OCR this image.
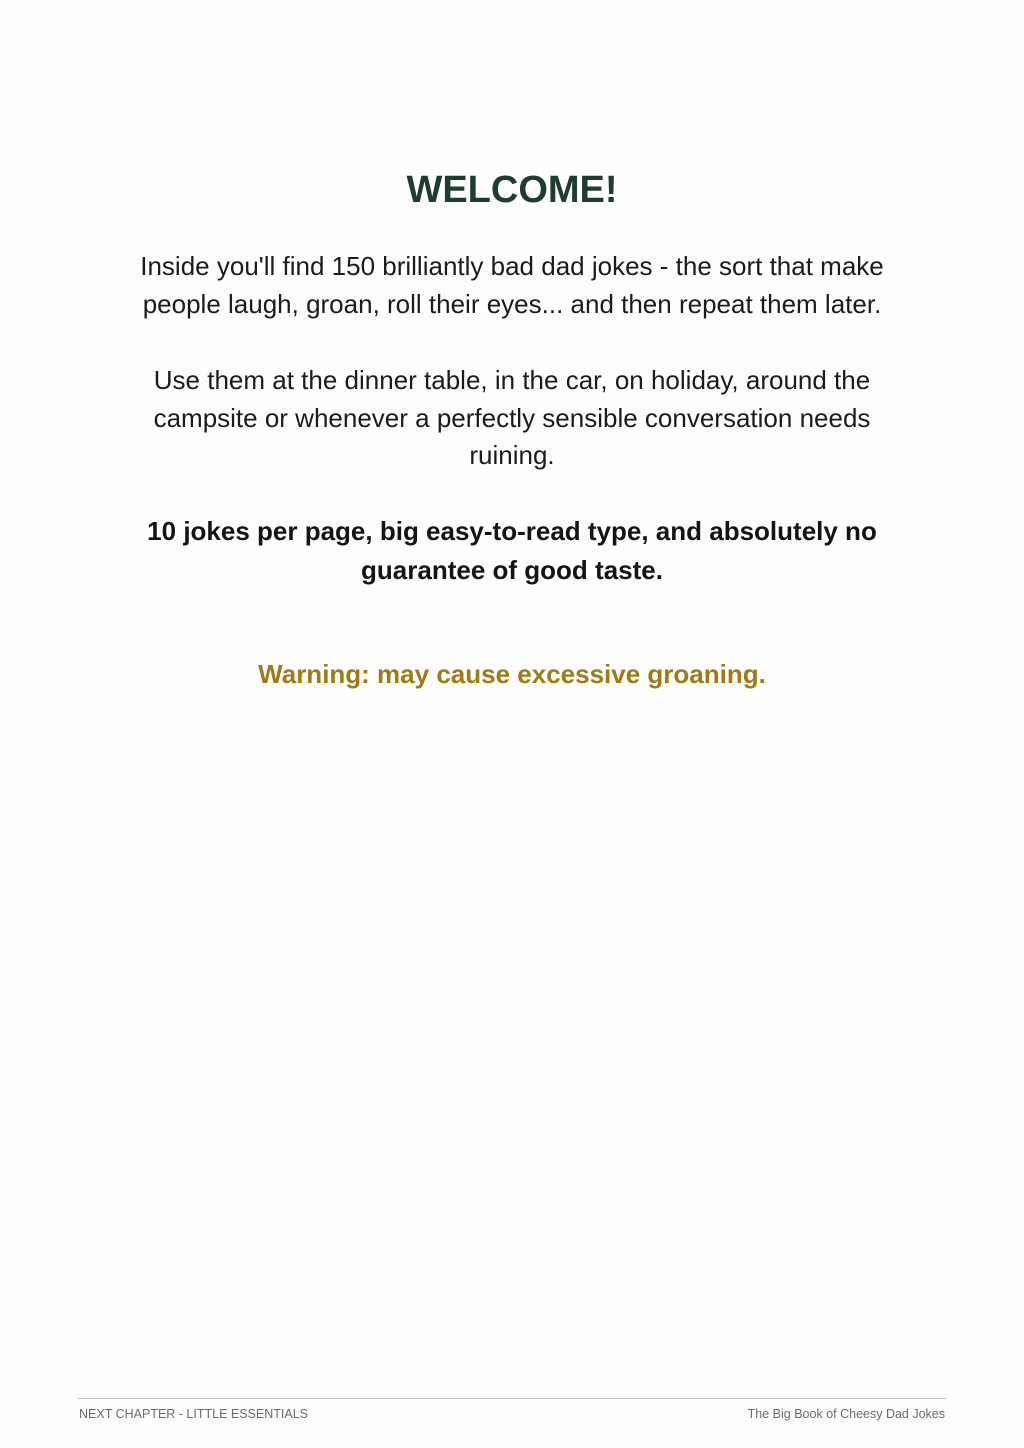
WELCOME!

Inside you'll find 150 brilliantly bad dad jokes - the sort that make people laugh, groan, roll their eyes... and then repeat them later.

Use them at the dinner table, in the car, on holiday, around the campsite or whenever a perfectly sensible conversation needs ruining.

10 jokes per page, big easy-to-read type, and absolutely no guarantee of good taste.

Warning: may cause excessive groaning.

NEXT CHAPTER - LITTLE ESSENTIALS	The Big Book of Cheesy Dad Jokes
